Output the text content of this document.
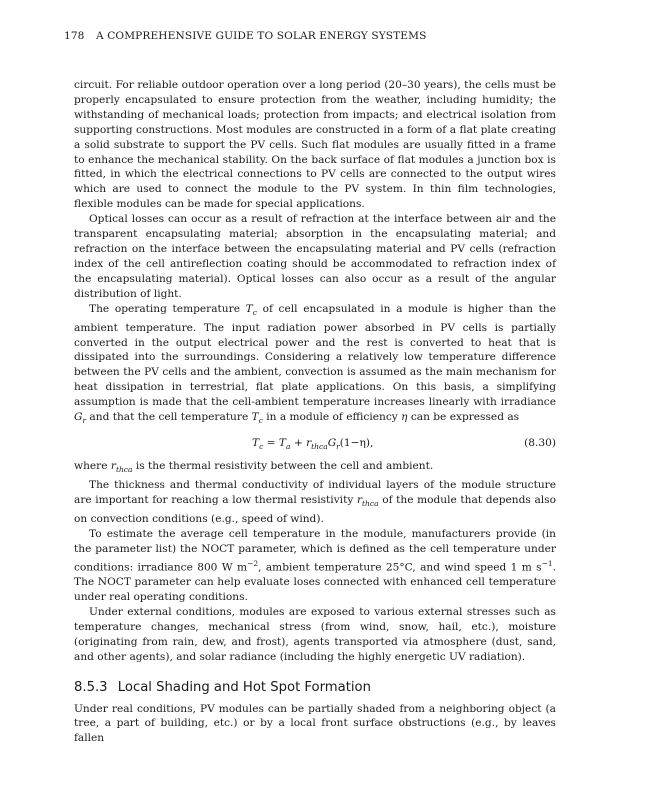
178 A COMPREHENSIVE GUIDE TO SOLAR ENERGY SYSTEMS

circuit. For reliable outdoor operation over a long period (20–30 years), the cells must be properly encapsulated to ensure protection from the weather, including humidity; the withstanding of mechanical loads; protection from impacts; and electrical isolation from supporting constructions. Most modules are constructed in a form of a flat plate creating a solid substrate to support the PV cells. Such flat modules are usually fitted in a frame to enhance the mechanical stability. On the back surface of flat modules a junction box is fitted, in which the electrical connections to PV cells are connected to the output wires which are used to connect the module to the PV system. In thin film technologies, flexible modules can be made for special applications.

Optical losses can occur as a result of refraction at the interface between air and the transparent encapsulating material; absorption in the encapsulating material; and refraction on the interface between the encapsulating material and PV cells (refraction index of the cell antireflection coating should be accommodated to refraction index of the encapsulating material). Optical losses can also occur as a result of the angular distribution of light.

The operating temperature $T_c$ of cell encapsulated in a module is higher than the ambient temperature. The input radiation power absorbed in PV cells is partially converted in the output electrical power and the rest is converted to heat that is dissipated into the surroundings. Considering a relatively low temperature difference between the PV cells and the ambient, convection is assumed as the main mechanism for heat dissipation in terrestrial, flat plate applications. On this basis, a simplifying assumption is made that the cell-ambient temperature increases linearly with irradiance $G_r$ and that the cell temperature $T_c$ in a module of efficiency η can be expressed as

$T_c = T_a + r_{thca}G_r(1-\eta)$,	(8.30)

where $r_{thca}$ is the thermal resistivity between the cell and ambient.

The thickness and thermal conductivity of individual layers of the module structure are important for reaching a low thermal resistivity $r_{thca}$ of the module that depends also on convection conditions (e.g., speed of wind).

To estimate the average cell temperature in the module, manufacturers provide (in the parameter list) the NOCT parameter, which is defined as the cell temperature under conditions: irradiance 800 W $m^{-2}$, ambient temperature 25°C, and wind speed 1 m $s^{-1}$. The NOCT parameter can help evaluate loses connected with enhanced cell temperature under real operating conditions.

Under external conditions, modules are exposed to various external stresses such as temperature changes, mechanical stress (from wind, snow, hail, etc.), moisture (originating from rain, dew, and frost), agents transported via atmosphere (dust, sand, and other agents), and solar radiance (including the highly energetic UV radiation).

8.5.3 Local Shading and Hot Spot Formation

Under real conditions, PV modules can be partially shaded from a neighboring object (a tree, a part of building, etc.) or by a local front surface obstructions (e.g., by leaves fallen
